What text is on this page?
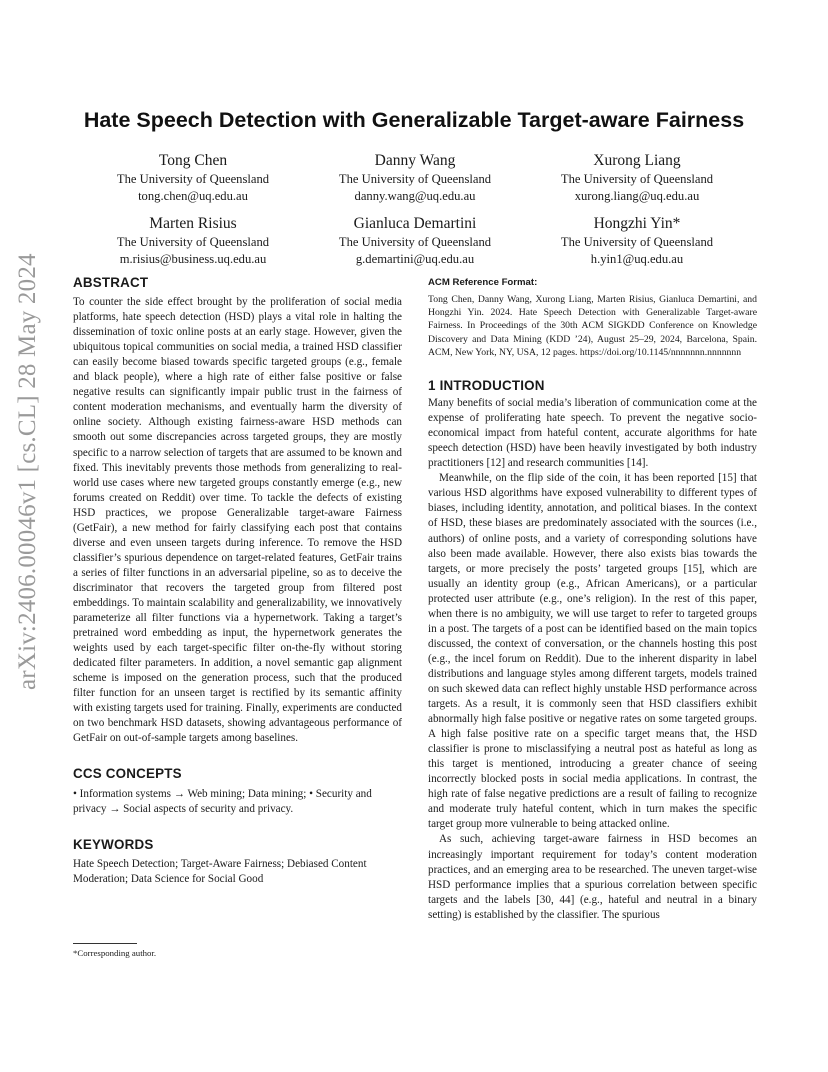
arXiv:2406.00046v1 [cs.CL] 28 May 2024
Hate Speech Detection with Generalizable Target-aware Fairness
Tong Chen
The University of Queensland
tong.chen@uq.edu.au
Danny Wang
The University of Queensland
danny.wang@uq.edu.au
Xurong Liang
The University of Queensland
xurong.liang@uq.edu.au
Marten Risius
The University of Queensland
m.risius@business.uq.edu.au
Gianluca Demartini
The University of Queensland
g.demartini@uq.edu.au
Hongzhi Yin*
The University of Queensland
h.yin1@uq.edu.au
ABSTRACT

To counter the side effect brought by the proliferation of social media platforms, hate speech detection (HSD) plays a vital role in halting the dissemination of toxic online posts at an early stage. However, given the ubiquitous topical communities on social media, a trained HSD classifier can easily become biased towards specific targeted groups (e.g., female and black people), where a high rate of either false positive or false negative results can significantly impair public trust in the fairness of content moderation mechanisms, and eventually harm the diversity of online society. Although existing fairness-aware HSD methods can smooth out some discrepancies across targeted groups, they are mostly specific to a narrow selection of targets that are assumed to be known and fixed. This inevitably prevents those methods from generalizing to real-world use cases where new targeted groups constantly emerge (e.g., new forums created on Reddit) over time. To tackle the defects of existing HSD practices, we propose Generalizable target-aware Fairness (GetFair), a new method for fairly classifying each post that contains diverse and even unseen targets during inference. To remove the HSD classifier’s spurious dependence on target-related features, GetFair trains a series of filter functions in an adversarial pipeline, so as to deceive the discriminator that recovers the targeted group from filtered post embeddings. To maintain scalability and generalizability, we innovatively parameterize all filter functions via a hypernetwork. Taking a target’s pretrained word embedding as input, the hypernetwork generates the weights used by each target-specific filter on-the-fly without storing dedicated filter parameters. In addition, a novel semantic gap alignment scheme is imposed on the generation process, such that the produced filter function for an unseen target is rectified by its semantic affinity with existing targets used for training. Finally, experiments are conducted on two benchmark HSD datasets, showing advantageous performance of GetFair on out-of-sample targets among baselines.

CCS CONCEPTS

• Information systems → Web mining; Data mining; • Security and privacy → Social aspects of security and privacy.

KEYWORDS

Hate Speech Detection; Target-Aware Fairness; Debiased Content Moderation; Data Science for Social Good

*Corresponding author.
ACM Reference Format:

Tong Chen, Danny Wang, Xurong Liang, Marten Risius, Gianluca Demartini, and Hongzhi Yin. 2024. Hate Speech Detection with Generalizable Target-aware Fairness. In Proceedings of the 30th ACM SIGKDD Conference on Knowledge Discovery and Data Mining (KDD ’24), August 25–29, 2024, Barcelona, Spain. ACM, New York, NY, USA, 12 pages. https://doi.org/10.1145/nnnnnnn.nnnnnnn

1 INTRODUCTION

Many benefits of social media’s liberation of communication come at the expense of proliferating hate speech. To prevent the negative socio-economical impact from hateful content, accurate algorithms for hate speech detection (HSD) have been heavily investigated by both industry practitioners [12] and research communities [14].

Meanwhile, on the flip side of the coin, it has been reported [15] that various HSD algorithms have exposed vulnerability to different types of biases, including identity, annotation, and political biases. In the context of HSD, these biases are predominately associated with the sources (i.e., authors) of online posts, and a variety of corresponding solutions have also been made available. However, there also exists bias towards the targets, or more precisely the posts’ targeted groups [15], which are usually an identity group (e.g., African Americans), or a particular protected user attribute (e.g., one’s religion). In the rest of this paper, when there is no ambiguity, we will use target to refer to targeted groups in a post. The targets of a post can be identified based on the main topics discussed, the context of conversation, or the channels hosting this post (e.g., the incel forum on Reddit). Due to the inherent disparity in label distributions and language styles among different targets, models trained on such skewed data can reflect highly unstable HSD performance across targets. As a result, it is commonly seen that HSD classifiers exhibit abnormally high false positive or negative rates on some targeted groups. A high false positive rate on a specific target means that, the HSD classifier is prone to misclassifying a neutral post as hateful as long as this target is mentioned, introducing a greater chance of seeing incorrectly blocked posts in social media applications. In contrast, the high rate of false negative predictions are a result of failing to recognize and moderate truly hateful content, which in turn makes the specific target group more vulnerable to being attacked online.

As such, achieving target-aware fairness in HSD becomes an increasingly important requirement for today’s content moderation practices, and an emerging area to be researched. The uneven target-wise HSD performance implies that a spurious correlation between specific targets and the labels [30, 44] (e.g., hateful and neutral in a binary setting) is established by the classifier. The spurious
